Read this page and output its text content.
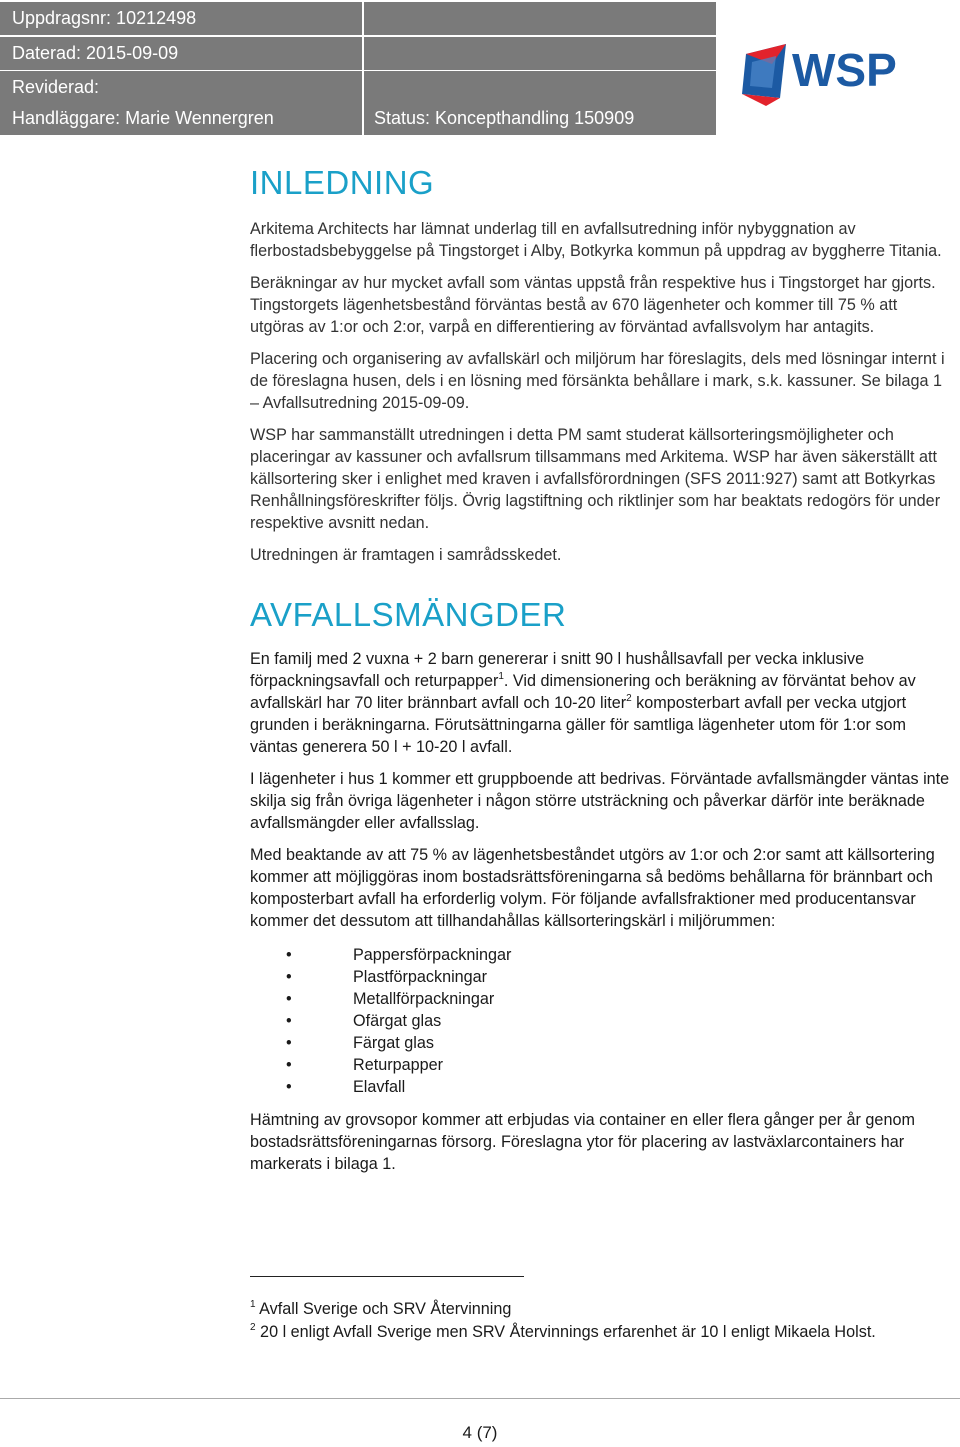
Uppdragsnr: 10212498
Daterad: 2015-09-09
Reviderad:
Handläggare: Marie Wennergren	Status: Koncepthandling 150909
WSP
INLEDNING

Arkitema Architects har lämnat underlag till en avfallsutredning inför nybyggnation av flerbostadsbebyggelse på Tingstorget i Alby, Botkyrka kommun på uppdrag av byggherre Titania.

Beräkningar av hur mycket avfall som väntas uppstå från respektive hus i Tingstorget har gjorts. Tingstorgets lägenhetsbestånd förväntas bestå av 670 lägenheter och kommer till 75 % att utgöras av 1:or och 2:or, varpå en differentiering av förväntad avfallsvolym har antagits.

Placering och organisering av avfallskärl och miljörum har föreslagits, dels med lösningar internt i de föreslagna husen, dels i en lösning med försänkta behållare i mark, s.k. kassuner. Se bilaga 1 – Avfallsutredning 2015-09-09.

WSP har sammanställt utredningen i detta PM samt studerat källsorteringsmöjligheter och placeringar av kassuner och avfallsrum tillsammans med Arkitema. WSP har även säkerställt att källsortering sker i enlighet med kraven i avfallsförordningen (SFS 2011:927) samt att Botkyrkas Renhållningsföreskrifter följs. Övrig lagstiftning och riktlinjer som har beaktats redogörs för under respektive avsnitt nedan.

Utredningen är framtagen i samrådsskedet.

AVFALLSMÄNGDER

En familj med 2 vuxna + 2 barn genererar i snitt 90 l hushållsavfall per vecka inklusive förpackningsavfall och returpapper$^1$. Vid dimensionering och beräkning av förväntat behov av avfallskärl har 70 liter brännbart avfall och 10-20 liter$^2$ komposterbart avfall per vecka utgjort grunden i beräkningarna. Förutsättningarna gäller för samtliga lägenheter utom för 1:or som väntas generera 50 l + 10-20 l avfall.

I lägenheter i hus 1 kommer ett gruppboende att bedrivas. Förväntade avfallsmängder väntas inte skilja sig från övriga lägenheter i någon större utsträckning och påverkar därför inte beräknade avfallsmängder eller avfallsslag.

Med beaktande av att 75 % av lägenhetsbeståndet utgörs av 1:or och 2:or samt att källsortering kommer att möjliggöras inom bostadsrättsföreningarna så bedöms behållarna för brännbart och komposterbart avfall ha erforderlig volym. För följande avfallsfraktioner med producentansvar kommer det dessutom att tillhandahållas källsorteringskärl i miljörummen:

•	Pappersförpackningar
•	Plastförpackningar
•	Metallförpackningar
•	Ofärgat glas
•	Färgat glas
•	Returpapper
•	Elavfall

Hämtning av grovsopor kommer att erbjudas via container en eller flera gånger per år genom bostadsrättsföreningarnas försorg. Föreslagna ytor för placering av lastväxlarcontainers har markerats i bilaga 1.

$^1$ Avfall Sverige och SRV Återvinning
$^2$ 20 l enligt Avfall Sverige men SRV Återvinnings erfarenhet är 10 l enligt Mikaela Holst.
4 (7)
